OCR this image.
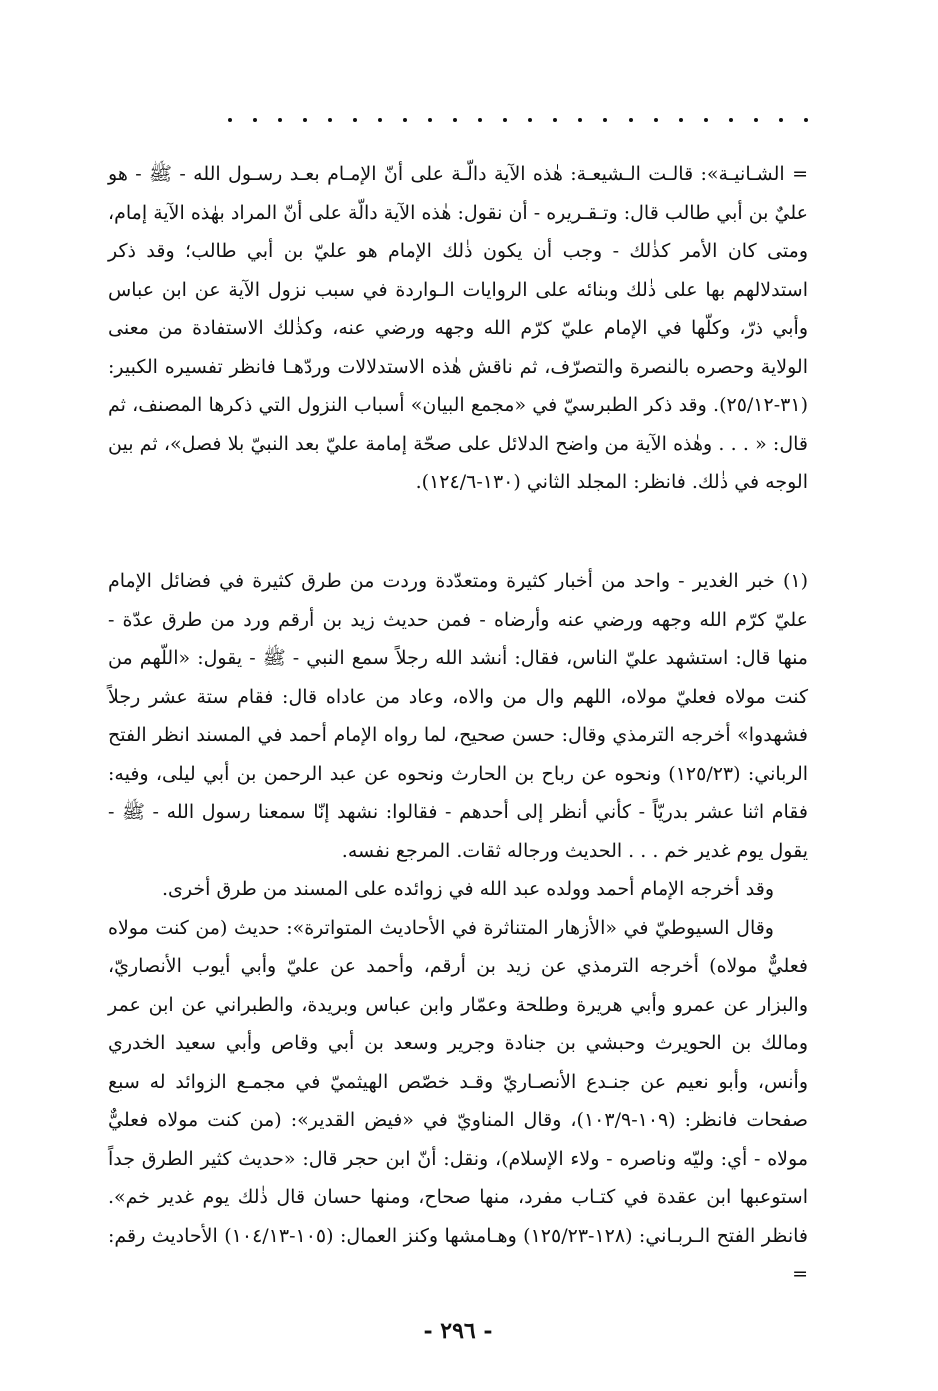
= الشـانيـة»: قالـت الـشيعـة: هٰذه الآية دالّـة على أنّ الإمـام بعـد رسـول الله - ﷺ - هو عليٌ بن أبي طالب قال: وتـقـريره - أن نقول: هٰذه الآية دالّة على أنّ المراد بهٰذه الآية إمام، ومتى كان الأمر كذٰلك - وجب أن يكون ذٰلك الإمام هو عليّ بن أبي طالب؛ وقد ذكر استدلالهم بها على ذٰلك وبنائه على الروايات الـواردة في سبب نزول الآية عن ابن عباس وأبي ذرّ، وكلّها في الإمام عليّ كرّم الله وجهه ورضي عنه، وكذٰلك الاستفادة من معنى الولاية وحصره بالنصرة والتصرّف، ثم ناقش هٰذه الاستدلالات وردّهـا فانظر تفسيره الكبير: (٣١-٢٥/١٢). وقد ذكر الطبرسيّ في «مجمع البيان» أسباب النزول التي ذكرها المصنف، ثم قال: « . . . وهٰذه الآية من واضح الدلائل على صحّة إمامة عليّ بعد النبيّ بلا فصل»، ثم بين الوجه في ذٰلك. فانظر: المجلد الثاني (١٣٠-١٢٤/٦).

(١) خبر الغدير - واحد من أخبار كثيرة ومتعدّدة وردت من طرق كثيرة في فضائل الإمام عليّ كرّم الله وجهه ورضي عنه وأرضاه - فمن حديث زيد بن أرقم ورد من طرق عدّة - منها قال: استشهد عليّ الناس، فقال: أنشد الله رجلاً سمع النبي - ﷺ - يقول: «اللّهم من كنت مولاه فعليّ مولاه، اللهم وال من والاه، وعاد من عاداه قال: فقام ستة عشر رجلاً فشهدوا» أخرجه الترمذي وقال: حسن صحيح، لما رواه الإمام أحمد في المسند انظر الفتح الرباني: (١٢٥/٢٣) ونحوه عن رباح بن الحارث ونحوه عن عبد الرحمن بن أبي ليلى، وفيه: فقام اثنا عشر بدريّاً - كأني أنظر إلى أحدهم - فقالوا: نشهد إنّا سمعنا رسول الله - ﷺ - يقول يوم غدير خم . . . الحديث ورجاله ثقات. المرجع نفسه.

وقد أخرجه الإمام أحمد وولده عبد الله في زوائده على المسند من طرق أخرى.

وقال السيوطيّ في «الأزهار المتناثرة في الأحاديث المتواترة»: حديث (من كنت مولاه فعليٌّ مولاه) أخرجه الترمذي عن زيد بن أرقم، وأحمد عن عليّ وأبي أيوب الأنصاريّ، والبزار عن عمرو وأبي هريرة وطلحة وعمّار وابن عباس وبريدة، والطبراني عن ابن عمر ومالك بن الحويرث وحبشي بن جنادة وجرير وسعد بن أبي وقاص وأبي سعيد الخدري وأنس، وأبو نعيم عن جنـدع الأنصـاريّ وقـد خصّص الهيثميّ في مجمـع الزوائد له سبع صفحات فانظر: (١٠٩-١٠٣/٩)، وقال المناويّ في «فيض القدير»: (من كنت مولاه فعليٌّ مولاه - أي: وليّه وناصره - ولاء الإسلام)، ونقل: أنّ ابن حجر قال: «حديث كثير الطرق جداً استوعبها ابن عقدة في كتـاب مفرد، منها صحاح، ومنها حسان قال ذٰلك يوم غدير خم». فانظر الفتح الـربـاني: (١٢٨-١٢٥/٢٣) وهـامشها وكنز العمال: (١٠٥-١٠٤/١٣) الأحاديث رقم: =

- ٢٩٦ -
